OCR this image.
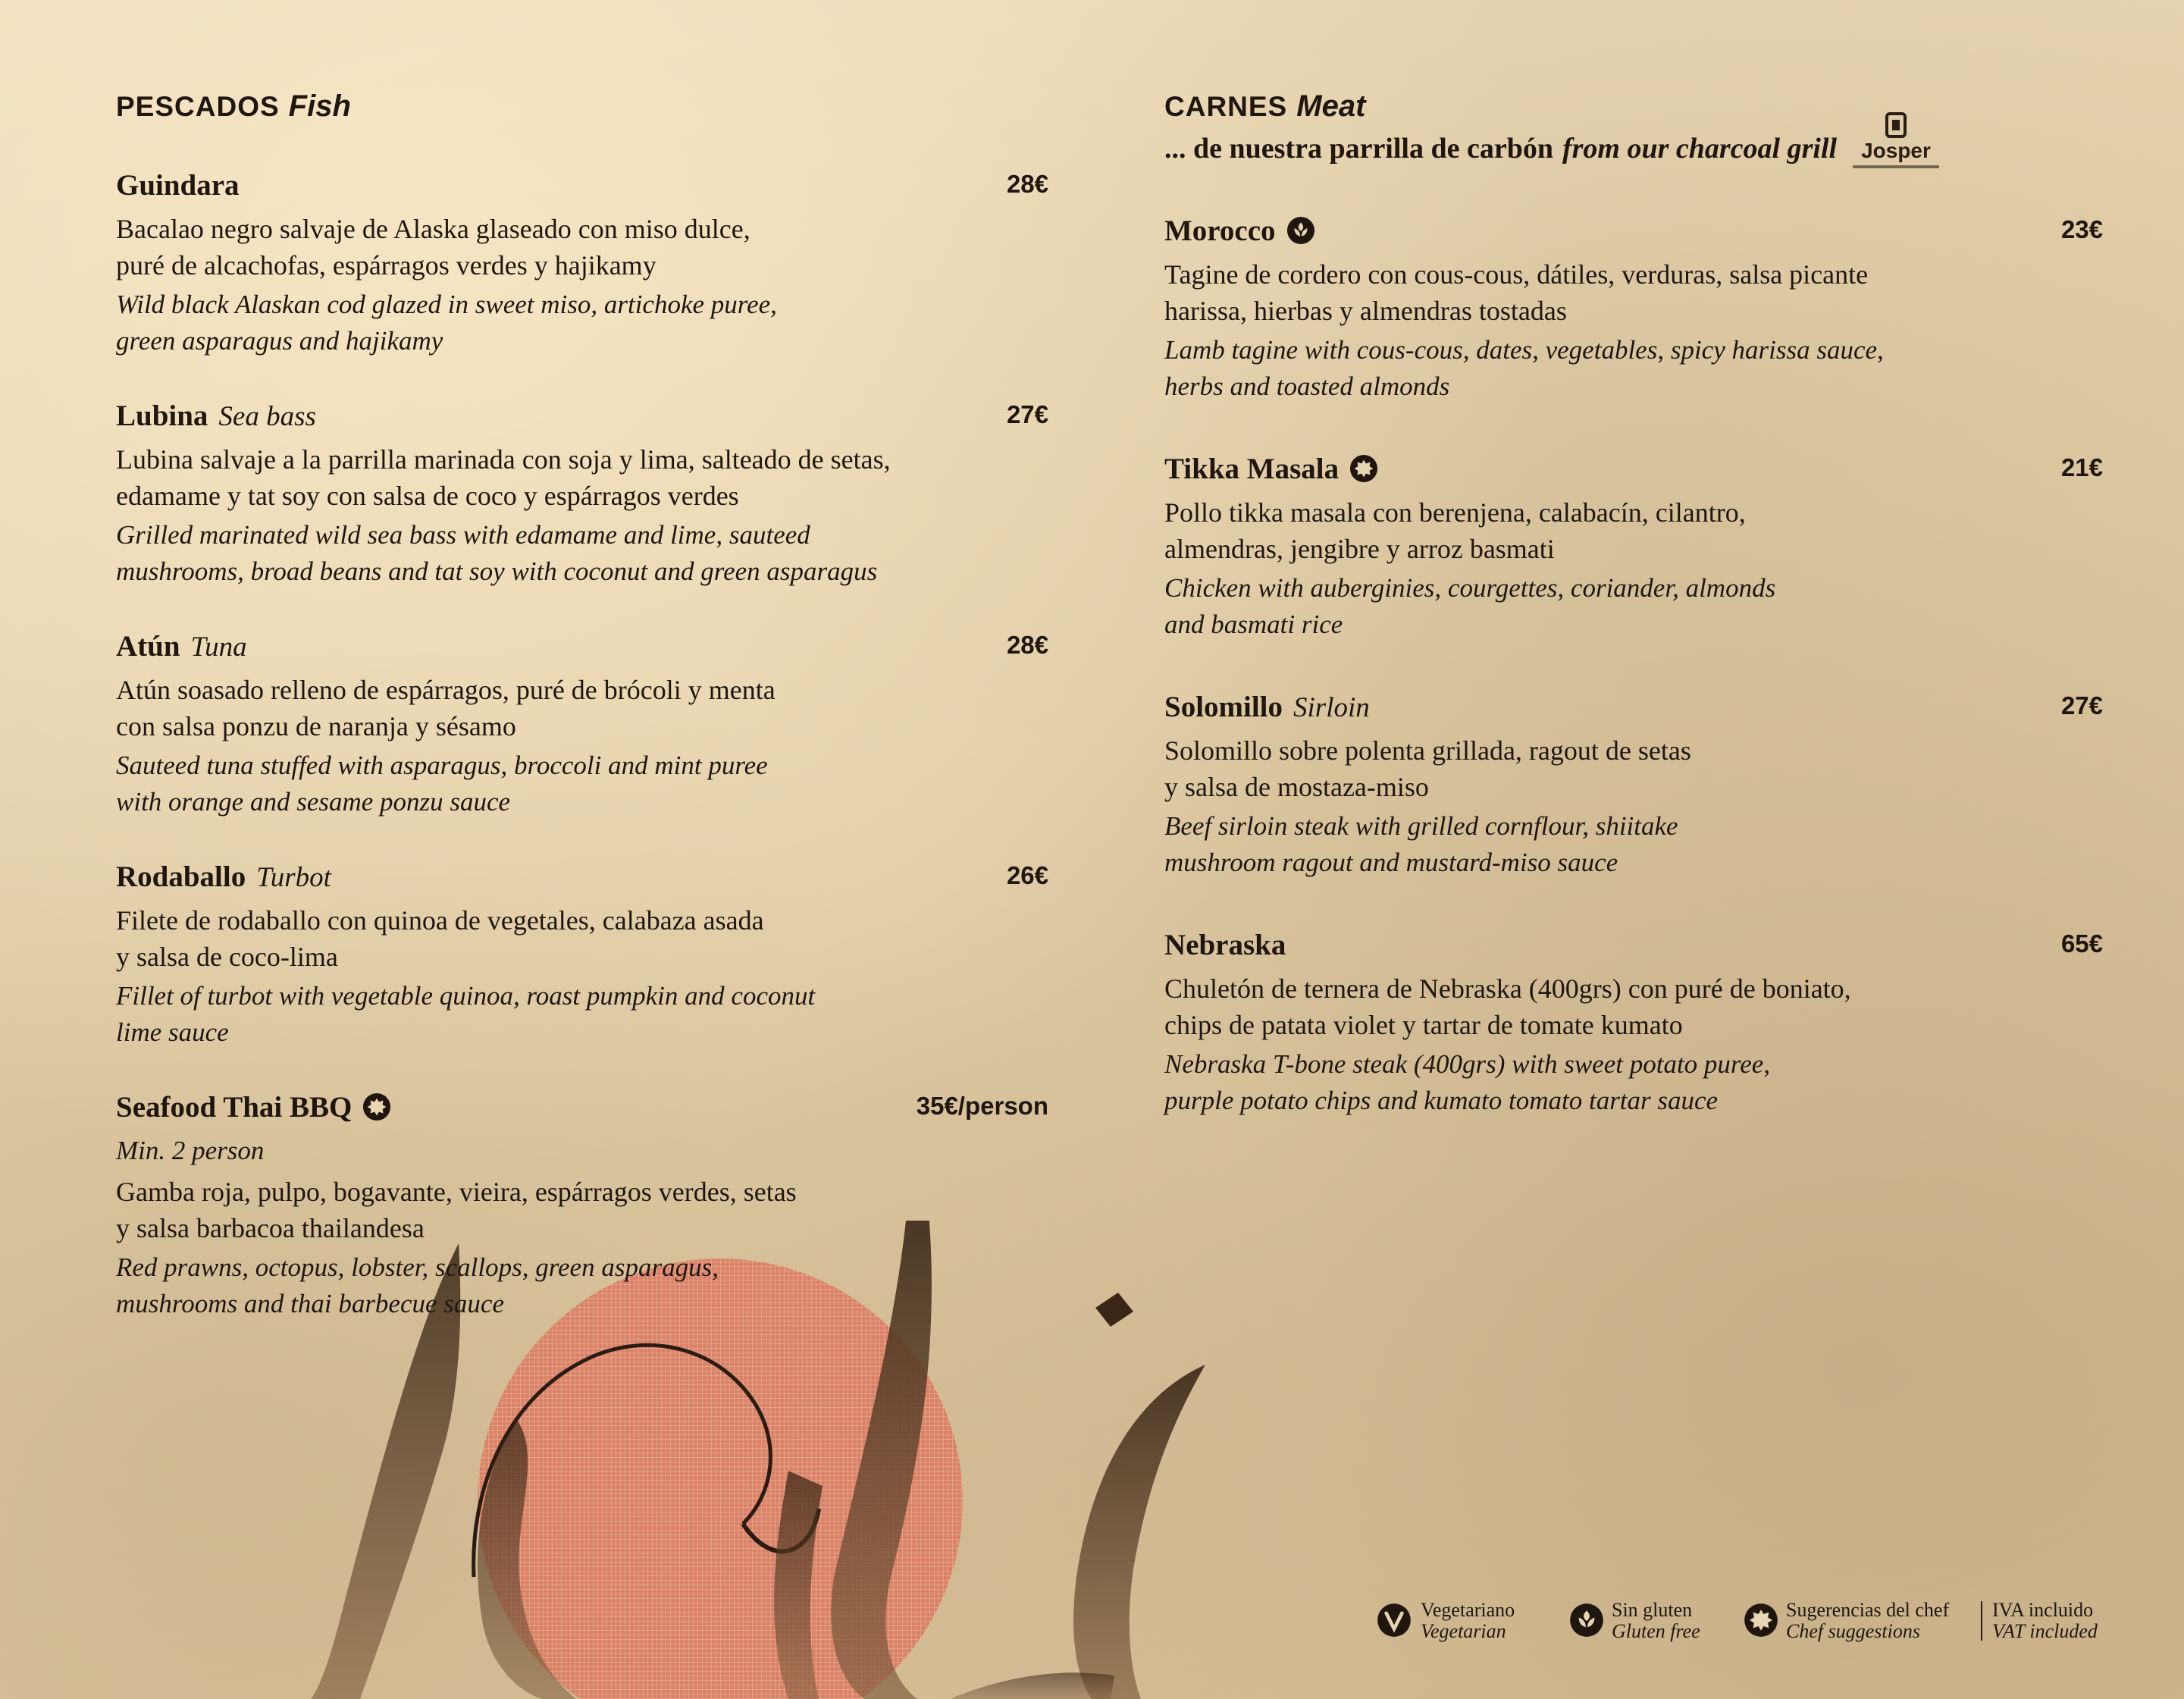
PESCADOS Fish
Guindara	28€
Bacalao negro salvaje de Alaska glaseado con miso dulce,
puré de alcachofas, espárragos verdes y hajikamy
Wild black Alaskan cod glazed in sweet miso, artichoke puree,
green asparagus and hajikamy
Lubina Sea bass	27€
Lubina salvaje a la parrilla marinada con soja y lima, salteado de setas,
edamame y tat soy con salsa de coco y espárragos verdes
Grilled marinated wild sea bass with edamame and lime, sauteed
mushrooms, broad beans and tat soy with coconut and green asparagus
Atún Tuna	28€
Atún soasado relleno de espárragos, puré de brócoli y menta
con salsa ponzu de naranja y sésamo
Sauteed tuna stuffed with asparagus, broccoli and mint puree
with orange and sesame ponzu sauce
Rodaballo Turbot	26€
Filete de rodaballo con quinoa de vegetales, calabaza asada
y salsa de coco-lima
Fillet of turbot with vegetable quinoa, roast pumpkin and coconut
lime sauce
Seafood Thai BBQ	35€/person
Min. 2 person
Gamba roja, pulpo, bogavante, vieira, espárragos verdes, setas
y salsa barbacoa thailandesa
Red prawns, octopus, lobster, scallops, green asparagus,
mushrooms and thai barbecue sauce
CARNES Meat
... de nuestra parrilla de carbón from our charcoal grill Josper
Morocco	23€
Tagine de cordero con cous-cous, dátiles, verduras, salsa picante
harissa, hierbas y almendras tostadas
Lamb tagine with cous-cous, dates, vegetables, spicy harissa sauce,
herbs and toasted almonds
Tikka Masala	21€
Pollo tikka masala con berenjena, calabacín, cilantro,
almendras, jengibre y arroz basmati
Chicken with auberginies, courgettes, coriander, almonds
and basmati rice
Solomillo Sirloin	27€
Solomillo sobre polenta grillada, ragout de setas
y salsa de mostaza-miso
Beef sirloin steak with grilled cornflour, shiitake
mushroom ragout and mustard-miso sauce
Nebraska	65€
Chuletón de ternera de Nebraska (400grs) con puré de boniato,
chips de patata violet y tartar de tomate kumato
Nebraska T-bone steak (400grs) with sweet potato puree,
purple potato chips and kumato tomato tartar sauce
Vegetariano
Vegetarian
Sin gluten
Gluten free
Sugerencias del chef
Chef suggestions
IVA incluido
VAT included
